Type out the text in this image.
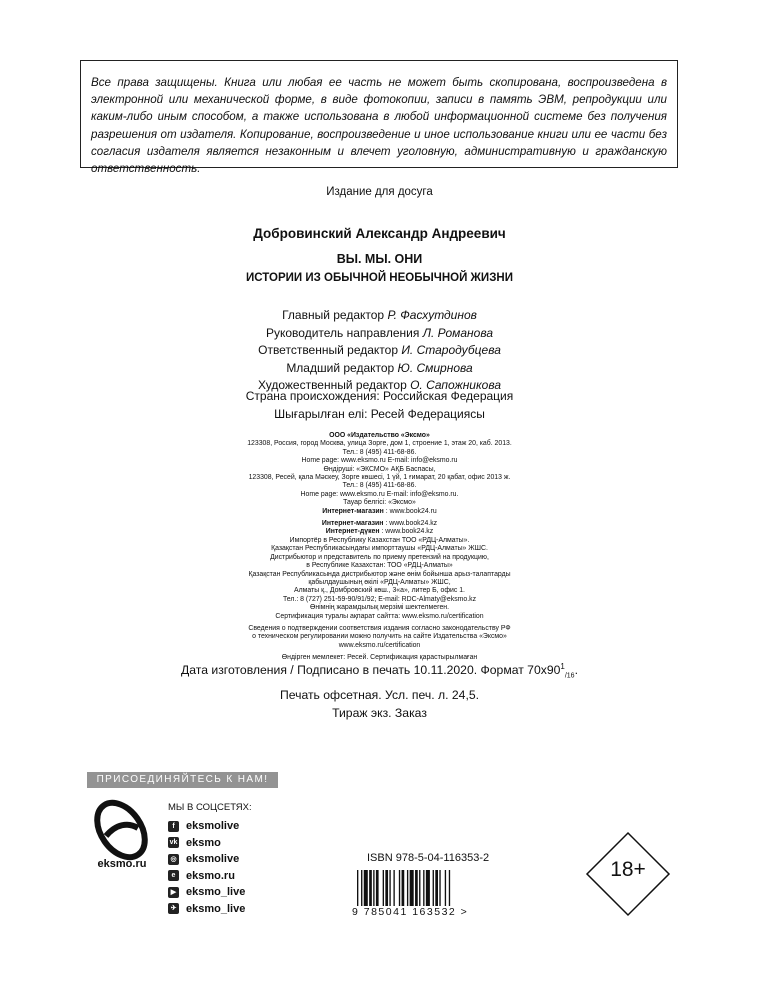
Все права защищены. Книга или любая ее часть не может быть скопирована, воспроизведена в электронной или механической форме, в виде фотокопии, записи в память ЭВМ, репродукции или каким-либо иным способом, а также использована в любой информационной системе без получения разрешения от издателя. Копирование, воспроизведение и иное использование книги или ее части без согласия издателя является незаконным и влечет уголовную, административную и гражданскую ответственность.
Издание для досуга
Добровинский Александр Андреевич
ВЫ. МЫ. ОНИ
ИСТОРИИ ИЗ ОБЫЧНОЙ НЕОБЫЧНОЙ ЖИЗНИ
Главный редактор Р. Фасхутдинов
Руководитель направления Л. Романова
Ответственный редактор И. Стародубцева
Младший редактор Ю. Смирнова
Художественный редактор О. Сапожникова
Страна происхождения: Российская Федерация
Шығарылған елі: Ресей Федерациясы
ООО «Издательство «Эксмо»
123308, Россия, город Москва, улица Зорге, дом 1, строение 1, этаж 20, каб. 2013.
Тел.: 8 (495) 411-68-86.
Home page: www.eksmo.ru E-mail: info@eksmo.ru
Өндіруші: «ЭКСМО» АҚБ Баспасы,
123308, Ресей, қала Мәскеу, Зорге көшесі, 1 үй, 1 ғимарат, 20 қабат, офис 2013 ж.
Тел.: 8 (495) 411-68-86.
Home page: www.eksmo.ru E-mail: info@eksmo.ru.
Тауар белгісі: «Эксмо»
Интернет-магазин : www.book24.ru
Интернет-магазин : www.book24.kz
Интернет-дүкен : www.book24.kz
Импортёр в Республику Казахстан ТОО «РДЦ-Алматы».
Қазақстан Республикасындағы импорттаушы «РДЦ-Алматы» ЖШС.
Дистрибьютор и представитель по приему претензий на продукцию,
в Республике Казахстан: ТОО «РДЦ-Алматы»
Қазақстан Республикасында дистрибьютор және өнім бойынша арыз-талаптарды
қабылдаушының өкілі «РДЦ-Алматы» ЖШС,
Алматы қ., Домбровский көш., 3«а», литер Б, офис 1.
Тел.: 8 (727) 251-59-90/91/92; E-mail: RDC-Almaty@eksmo.kz
Өнімнің жарамдылық мерзімі шектелмеген.
Сертификация туралы ақпарат сайтта: www.eksmo.ru/certification
Сведения о подтверждении соответствия издания согласно законодательству РФ
о техническом регулировании можно получить на сайте Издательства «Эксмо»
www.eksmo.ru/certification
Өндірген мемлекет: Ресей. Сертификация қарастырылмаған
Дата изготовления / Подписано в печать 10.11.2020. Формат $70x90^1_{/16}$.
Печать офсетная. Усл. печ. л. 24,5.
Тираж экз. Заказ
ПРИСОЕДИНЯЙТЕСЬ К НАМ!
eksmo.ru
МЫ В СОЦСЕТЯХ:
f	eksmolive
vk eksmo
◎ eksmolive
e eksmo.ru
▶ eksmo_live
✈ eksmo_live
ISBN 978-5-04-116353-2
9 785041 163532 >
18+
